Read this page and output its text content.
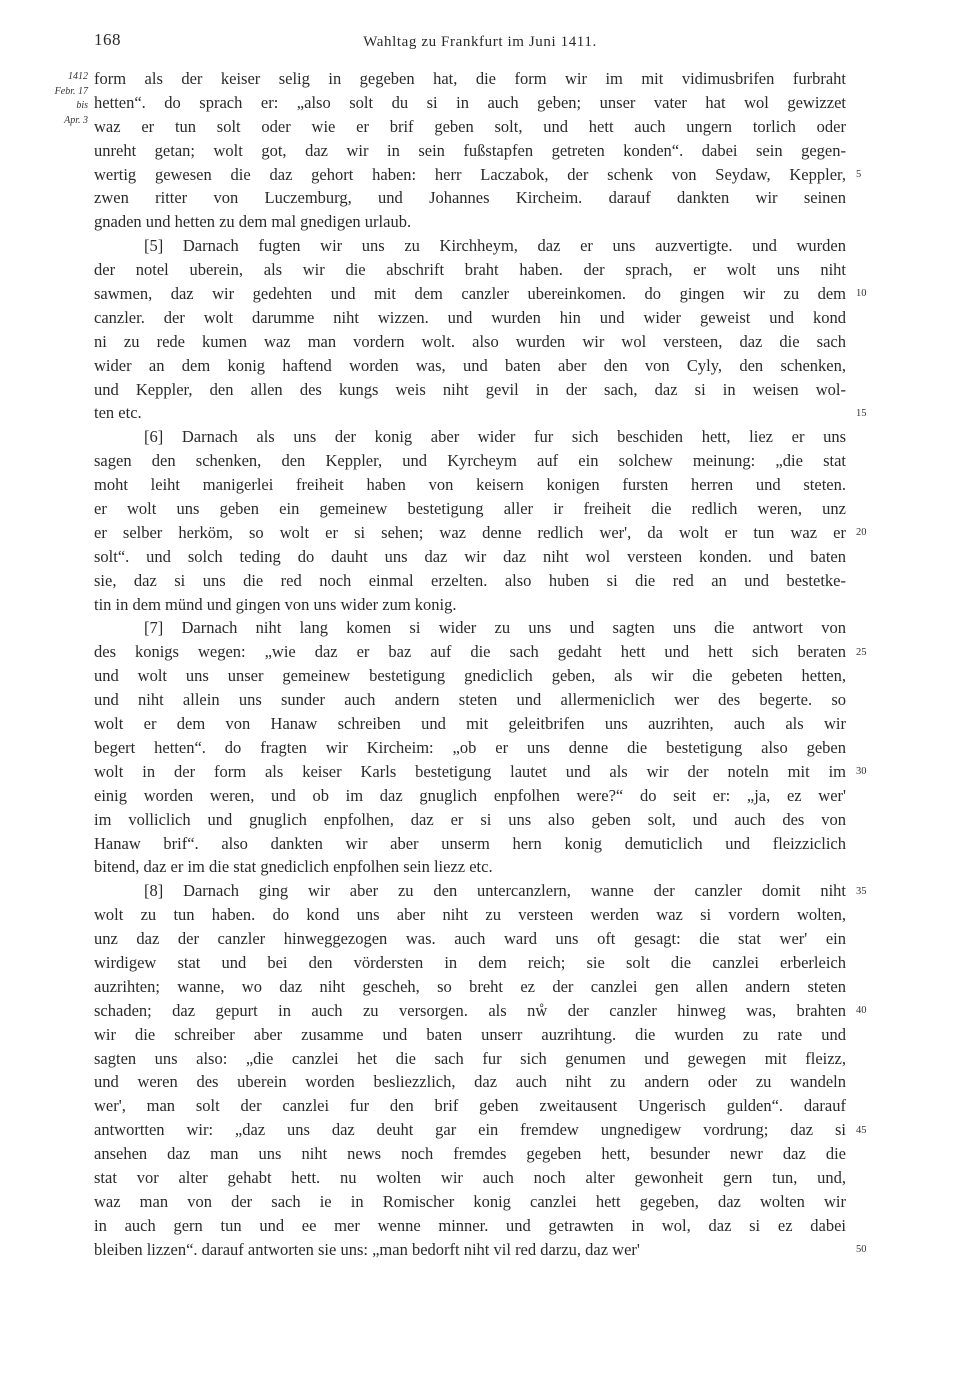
168	Wahltag zu Frankfurt im Juni 1411.
1412
Febr. 17
bis
Apr. 3
form als der keiser selig in gegeben hat, die form wir im mit vidimusbrifen furbraht
hetten“. do sprach er: „also solt du si in auch geben; unser vater hat wol gewizzet
waz er tun solt oder wie er brif geben solt, und hett auch ungern torlich oder
unreht getan; wolt got, daz wir in sein fußstapfen getreten konden“. dabei sein gegen-
wertig gewesen die daz gehort haben: herr Laczabok, der schenk von Seydaw, Keppler,
zwen ritter von Luczemburg, und Johannes Kircheim. darauf dankten wir seinen
gnaden und hetten zu dem mal gnedigen urlaub.
[5] Darnach fugten wir uns zu Kirchheym, daz er uns auzvertigte. und wurden
der notel uberein, als wir die abschrift braht haben. der sprach, er wolt uns niht
sawmen, daz wir gedehten und mit dem canzler ubereinkomen. do gingen wir zu dem
canzler. der wolt darumme niht wizzen. und wurden hin und wider geweist und kond
ni zu rede kumen waz man vordern wolt. also wurden wir wol versteen, daz die sach
wider an dem konig haftend worden was, und baten aber den von Cyly, den schenken,
und Keppler, den allen des kungs weis niht gevil in der sach, daz si in weisen wol-
ten etc.
[6] Darnach als uns der konig aber wider fur sich beschiden hett, liez er uns
sagen den schenken, den Keppler, und Kyrcheym auf ein solchew meinung: „die stat
moht leiht manigerlei freiheit haben von keisern konigen fursten herren und steten.
er wolt uns geben ein gemeinew bestetigung aller ir freiheit die redlich weren, unz
er selber herköm, so wolt er si sehen; waz denne redlich wer', da wolt er tun waz er
solt“. und solch teding do dauht uns daz wir daz niht wol versteen konden. und baten
sie, daz si uns die red noch einmal erzelten. also huben si die red an und bestetke-
tin in dem münd und gingen von uns wider zum konig.
[7] Darnach niht lang komen si wider zu uns und sagten uns die antwort von
des konigs wegen: „wie daz er baz auf die sach gedaht hett und hett sich beraten
und wolt uns unser gemeinew bestetigung gnediclich geben, als wir die gebeten hetten,
und niht allein uns sunder auch andern steten und allermeniclich wer des begerte. so
wolt er dem von Hanaw schreiben und mit geleitbrifen uns auzrihten, auch als wir
begert hetten“. do fragten wir Kircheim: „ob er uns denne die bestetigung also geben
wolt in der form als keiser Karls bestetigung lautet und als wir der noteln mit im
einig worden weren, und ob im daz gnuglich enpfolhen were?“ do seit er: „ja, ez wer'
im volliclich und gnuglich enpfolhen, daz er si uns also geben solt, und auch des von
Hanaw brif“. also dankten wir aber unserm hern konig demuticlich und fleizziclich
bitend, daz er im die stat gnediclich enpfolhen sein liezz etc.
[8] Darnach ging wir aber zu den untercanzlern, wanne der canzler domit niht
wolt zu tun haben. do kond uns aber niht zu versteen werden waz si vordern wolten,
unz daz der canzler hinweggezogen was. auch ward uns oft gesagt: die stat wer' ein
wirdigew stat und bei den vördersten in dem reich; sie solt die canzlei erberleich
auzrihten; wanne, wo daz niht gescheh, so breht ez der canzlei gen allen andern steten
schaden; daz gepurt in auch zu versorgen. als nẘ der canzler hinweg was, brahten
wir die schreiber aber zusamme und baten unserr auzrihtung. die wurden zu rate und
sagten uns also: „die canzlei het die sach fur sich genumen und gewegen mit fleizz,
und weren des uberein worden besliezzlich, daz auch niht zu andern oder zu wandeln
wer', man solt der canzlei fur den brif geben zweitausent Ungerisch gulden“. darauf
antwortten wir: „daz uns daz deuht gar ein fremdew ungnedigew vordrung; daz si
ansehen daz man uns niht news noch fremdes gegeben hett, besunder newr daz die
stat vor alter gehabt hett. nu wolten wir auch noch alter gewonheit gern tun, und,
waz man von der sach ie in Romischer konig canzlei hett gegeben, daz wolten wir
in auch gern tun und ee mer wenne minner. und getrawten in wol, daz si ez dabei
bleiben lizzen“. darauf antworten sie uns: „man bedorft niht vil red darzu, daz wer'
5
10
15
20
25
30
35
40
45
50
